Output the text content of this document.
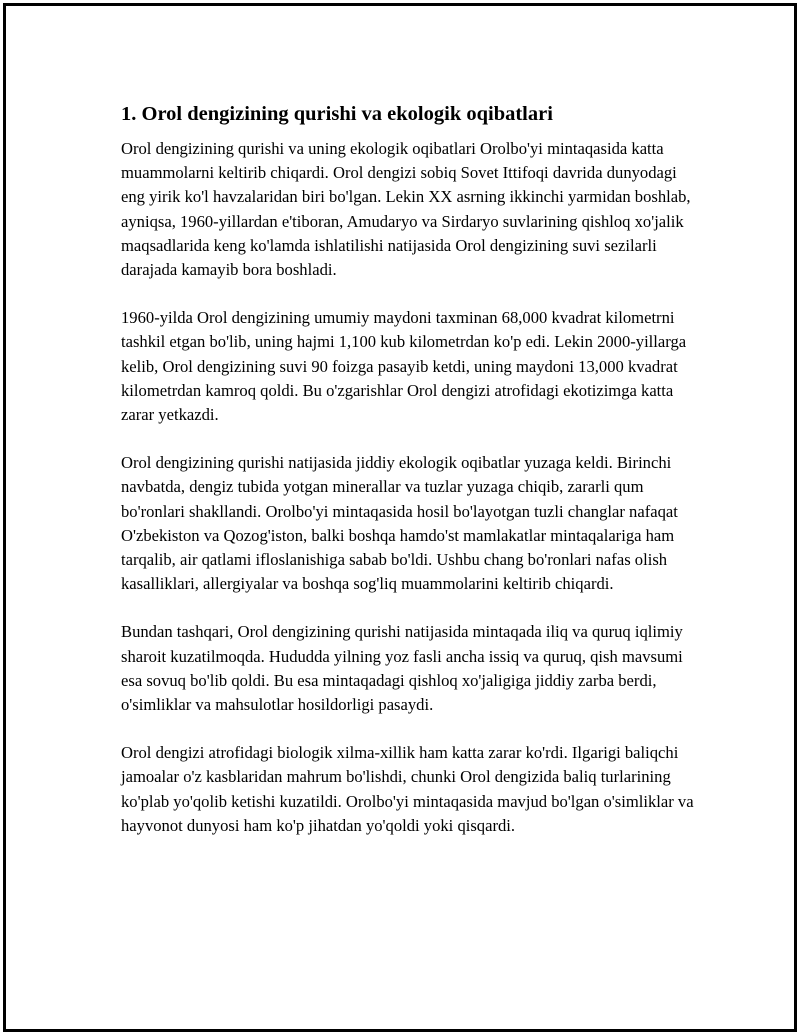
1. Orol dengizining qurishi va ekologik oqibatlari

Orol dengizining qurishi va uning ekologik oqibatlari Orolbo'yi mintaqasida katta muammolarni keltirib chiqardi. Orol dengizi sobiq Sovet Ittifoqi davrida dunyodagi eng yirik ko'l havzalaridan biri bo'lgan. Lekin XX asrning ikkinchi yarmidan boshlab, ayniqsa, 1960-yillardan e'tiboran, Amudaryo va Sirdaryo suvlarining qishloq xo'jalik maqsadlarida keng ko'lamda ishlatilishi natijasida Orol dengizining suvi sezilarli darajada kamayib bora boshladi.

1960-yilda Orol dengizining umumiy maydoni taxminan 68,000 kvadrat kilometrni tashkil etgan bo'lib, uning hajmi 1,100 kub kilometrdan ko'p edi. Lekin 2000-yillarga kelib, Orol dengizining suvi 90 foizga pasayib ketdi, uning maydoni 13,000 kvadrat kilometrdan kamroq qoldi. Bu o'zgarishlar Orol dengizi atrofidagi ekotizimga katta zarar yetkazdi.

Orol dengizining qurishi natijasida jiddiy ekologik oqibatlar yuzaga keldi. Birinchi navbatda, dengiz tubida yotgan minerallar va tuzlar yuzaga chiqib, zararli qum bo'ronlari shakllandi. Orolbo'yi mintaqasida hosil bo'layotgan tuzli changlar nafaqat O'zbekiston va Qozog'iston, balki boshqa hamdo'st mamlakatlar mintaqalariga ham tarqalib, air qatlami ifloslanishiga sabab bo'ldi. Ushbu chang bo'ronlari nafas olish kasalliklari, allergiyalar va boshqa sog'liq muammolarini keltirib chiqardi.

Bundan tashqari, Orol dengizining qurishi natijasida mintaqada iliq va quruq iqlimiy sharoit kuzatilmoqda. Hududda yilning yoz fasli ancha issiq va quruq, qish mavsumi esa sovuq bo'lib qoldi. Bu esa mintaqadagi qishloq xo'jaligiga jiddiy zarba berdi, o'simliklar va mahsulotlar hosildorligi pasaydi.

Orol dengizi atrofidagi biologik xilma-xillik ham katta zarar ko'rdi. Ilgarigi baliqchi jamoalar o'z kasblaridan mahrum bo'lishdi, chunki Orol dengizida baliq turlarining ko'plab yo'qolib ketishi kuzatildi. Orolbo'yi mintaqasida mavjud bo'lgan o'simliklar va hayvonot dunyosi ham ko'p jihatdan yo'qoldi yoki qisqardi.
